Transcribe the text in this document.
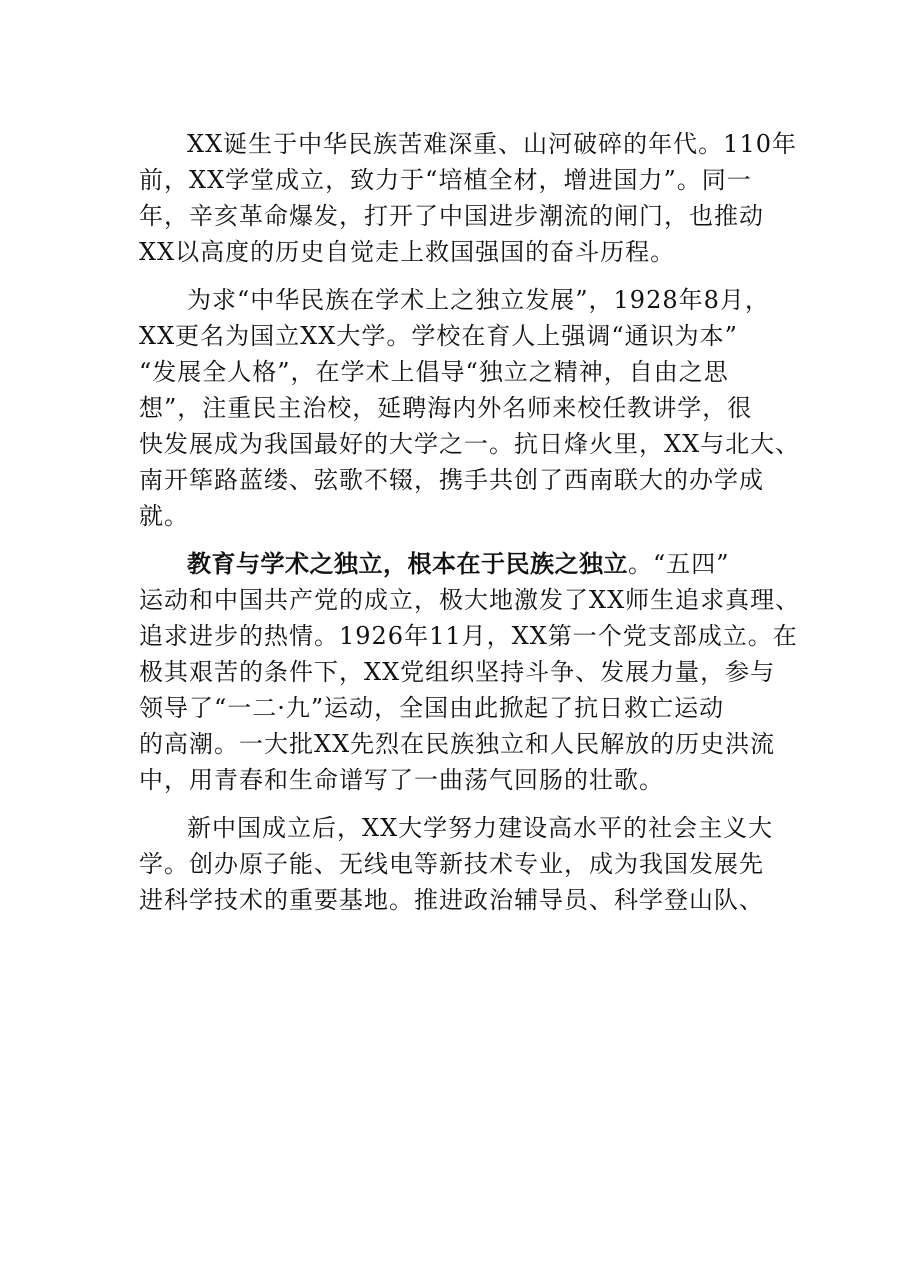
XX诞生于中华民族苦难深重、山河破碎的年代。110年
前，XX学堂成立，致力于“培植全材，增进国力”。同一
年，辛亥革命爆发，打开了中国进步潮流的闸门，也推动
XX以高度的历史自觉走上救国强国的奋斗历程。
为求“中华民族在学术上之独立发展”，1928年8月，
XX更名为国立XX大学。学校在育人上强调“通识为本”
“发展全人格”，在学术上倡导“独立之精神，自由之思
想”，注重民主治校，延聘海内外名师来校任教讲学，很
快发展成为我国最好的大学之一。抗日烽火里，XX与北大、
南开筚路蓝缕、弦歌不辍，携手共创了西南联大的办学成
就。
教育与学术之独立，根本在于民族之独立。“五四”
运动和中国共产党的成立，极大地激发了XX师生追求真理、
追求进步的热情。1926年11月，XX第一个党支部成立。在
极其艰苦的条件下，XX党组织坚持斗争、发展力量，参与
领导了“一二·九”运动，全国由此掀起了抗日救亡运动
的高潮。一大批XX先烈在民族独立和人民解放的历史洪流
中，用青春和生命谱写了一曲荡气回肠的壮歌。
新中国成立后，XX大学努力建设高水平的社会主义大
学。创办原子能、无线电等新技术专业，成为我国发展先
进科学技术的重要基地。推进政治辅导员、科学登山队、
